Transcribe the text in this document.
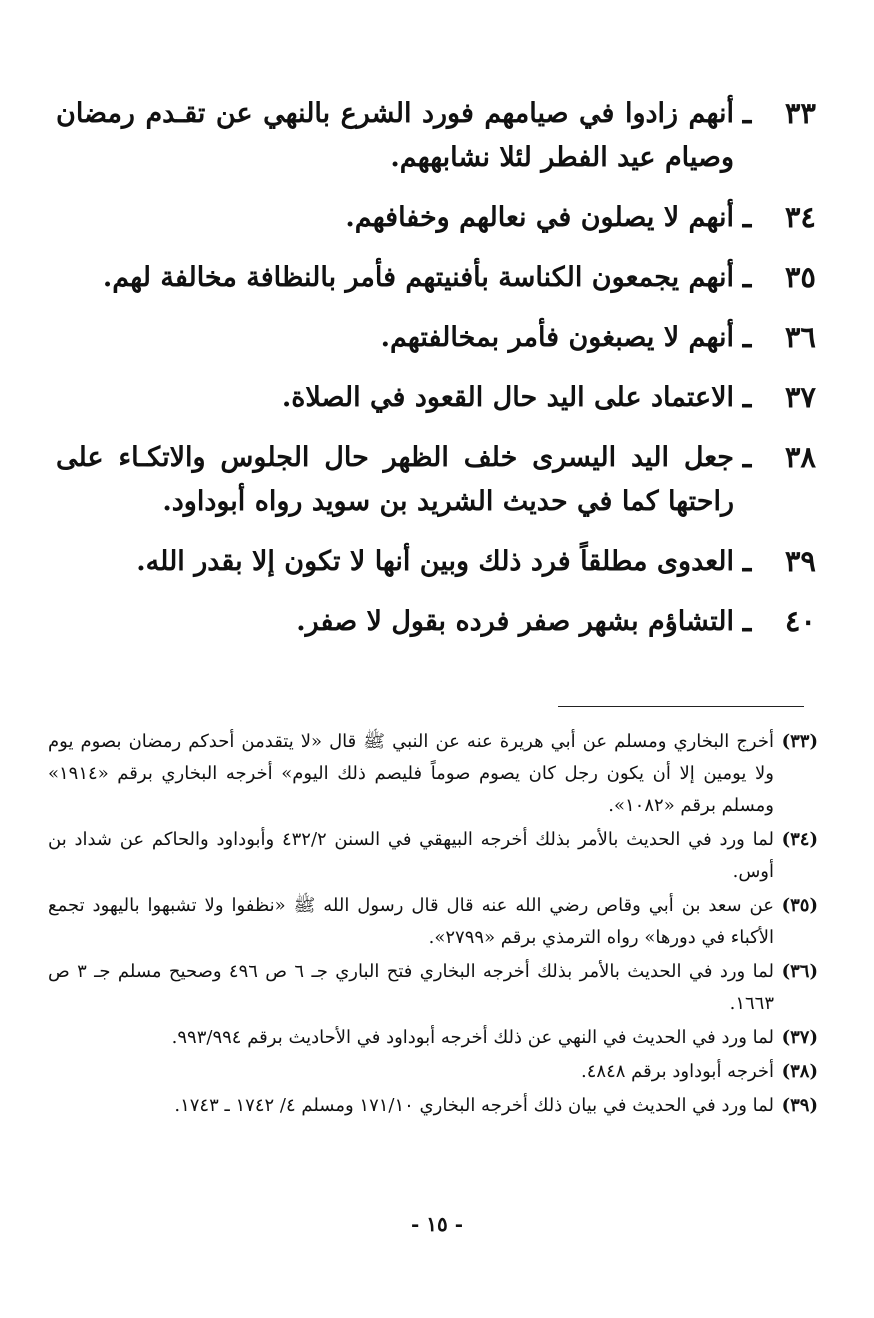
٣٣
ـ
أنهم زادوا في صيامهم فورد الشرع بالنهي عن تقـدم رمضان وصيام عيد الفطر لئلا نشابههم.
٣٤
ـ
أنهم لا يصلون في نعالهم وخفافهم.
٣٥
ـ
أنهم يجمعون الكناسة بأفنيتهم فأمر بالنظافة مخالفة لهم.
٣٦
ـ
أنهم لا يصبغون فأمر بمخالفتهم.
٣٧
ـ
الاعتماد على اليد حال القعود في الصلاة.
٣٨
ـ
جعل اليد اليسرى خلف الظهر حال الجلوس والاتكـاء على راحتها كما في حديث الشريد بن سويد رواه أبوداود.
٣٩
ـ
العدوى مطلقاً فرد ذلك وبين أنها لا تكون إلا بقدر الله.
٤٠
ـ
التشاؤم بشهر صفر فرده بقول لا صفر.
(٣٣)
أخرج البخاري ومسلم عن أبي هريرة عنه عن النبي ﷺ قال «لا يتقدمن أحدكم رمضان بصوم يوم ولا يومين إلا أن يكون رجل كان يصوم صوماً فليصم ذلك اليوم» أخرجه البخاري برقم «١٩١٤» ومسلم برقم «١٠٨٢».
(٣٤)
لما ورد في الحديث بالأمر بذلك أخرجه البيهقي في السنن ٤٣٢/٢ وأبوداود والحاكم عن شداد بن أوس.
(٣٥)
عن سعد بن أبي وقاص رضي الله عنه قال قال رسول الله ﷺ «نظفوا ولا تشبهوا باليهود تجمع الأكباء في دورها» رواه الترمذي برقم «٢٧٩٩».
(٣٦)
لما ورد في الحديث بالأمر بذلك أخرجه البخاري فتح الباري جـ ٦ ص ٤٩٦ وصحيح مسلم جـ ٣ ص ١٦٦٣.
(٣٧)
لما ورد في الحديث في النهي عن ذلك أخرجه أبوداود في الأحاديث برقم ٩٩٣/٩٩٤.
(٣٨)
أخرجه أبوداود برقم ٤٨٤٨.
(٣٩)
لما ورد في الحديث في بيان ذلك أخرجه البخاري ١٧١/١٠ ومسلم ٤/ ١٧٤٢ ـ ١٧٤٣.
- ١٥ -
